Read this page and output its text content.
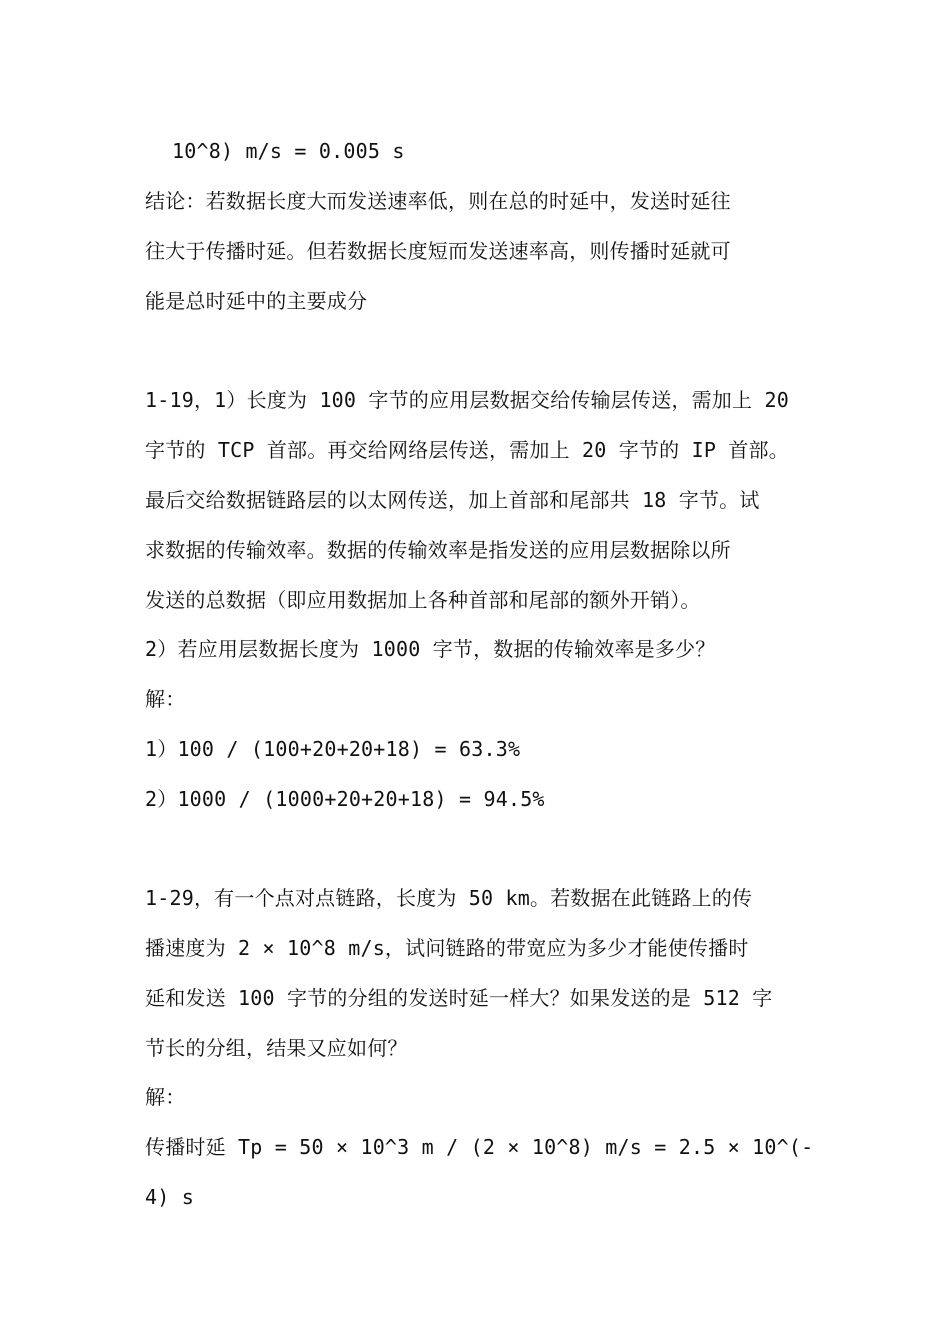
10^8) m/s = 0.005 s
结论：若数据长度大而发送速率低，则在总的时延中，发送时延往
往大于传播时延。但若数据长度短而发送速率高，则传播时延就可
能是总时延中的主要成分
1-19，1）长度为 100 字节的应用层数据交给传输层传送，需加上 20
字节的 TCP 首部。再交给网络层传送，需加上 20 字节的 IP 首部。
最后交给数据链路层的以太网传送，加上首部和尾部共 18 字节。试
求数据的传输效率。数据的传输效率是指发送的应用层数据除以所
发送的总数据（即应用数据加上各种首部和尾部的额外开销）。
2）若应用层数据长度为 1000 字节，数据的传输效率是多少？
解：
1）100 / (100+20+20+18) = 63.3%
2）1000 / (1000+20+20+18) = 94.5%
1-29，有一个点对点链路，长度为 50 km。若数据在此链路上的传
播速度为 2 × 10^8 m/s，试问链路的带宽应为多少才能使传播时
延和发送 100 字节的分组的发送时延一样大？如果发送的是 512 字
节长的分组，结果又应如何？
解：
传播时延 Tp = 50 × 10^3 m / (2 × 10^8) m/s = 2.5 × 10^(-
4) s
